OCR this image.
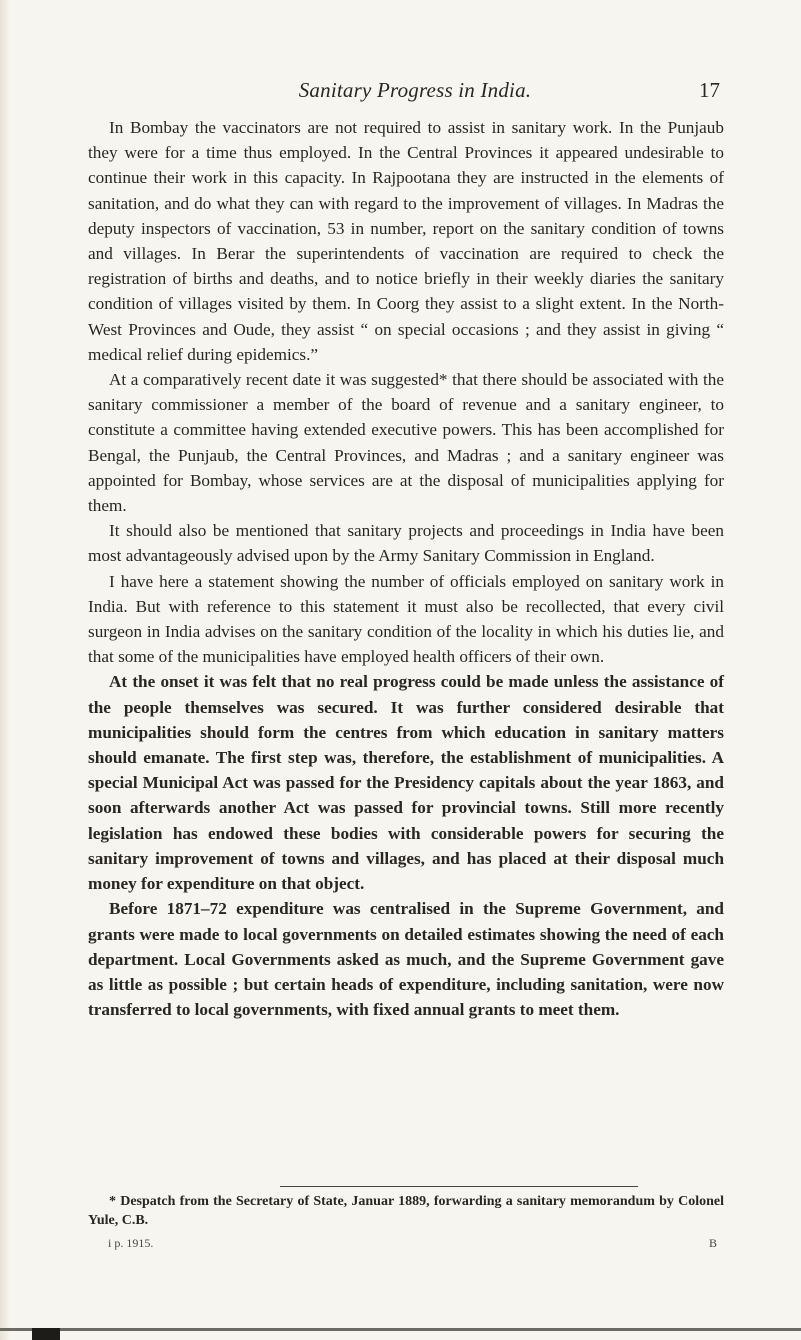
Sanitary Progress in India.	17

In Bombay the vaccinators are not required to assist in sanitary work. In the Punjaub they were for a time thus employed. In the Central Provinces it appeared undesirable to continue their work in this capacity. In Rajpootana they are instructed in the elements of sanitation, and do what they can with regard to the improvement of villages. In Madras the deputy inspectors of vaccination, 53 in number, report on the sanitary condition of towns and villages. In Berar the superintendents of vaccination are required to check the registration of births and deaths, and to notice briefly in their weekly diaries the sanitary condition of villages visited by them. In Coorg they assist to a slight extent. In the North-West Provinces and Oude, they assist “ on special occasions ; and they assist in giving “ medical relief during epidemics.”

At a comparatively recent date it was suggested* that there should be associated with the sanitary commissioner a member of the board of revenue and a sanitary engineer, to constitute a committee having extended executive powers. This has been accomplished for Bengal, the Punjaub, the Central Provinces, and Madras ; and a sanitary engineer was appointed for Bombay, whose services are at the disposal of municipalities applying for them.

It should also be mentioned that sanitary projects and proceedings in India have been most advantageously advised upon by the Army Sanitary Commission in England.

I have here a statement showing the number of officials employed on sanitary work in India. But with reference to this statement it must also be recollected, that every civil surgeon in India advises on the sanitary condition of the locality in which his duties lie, and that some of the municipalities have employed health officers of their own.

At the onset it was felt that no real progress could be made unless the assistance of the people themselves was secured. It was further considered desirable that municipalities should form the centres from which education in sanitary matters should emanate. The first step was, therefore, the establishment of municipalities. A special Municipal Act was passed for the Presidency capitals about the year 1863, and soon afterwards another Act was passed for provincial towns. Still more recently legislation has endowed these bodies with considerable powers for securing the sanitary improvement of towns and villages, and has placed at their disposal much money for expenditure on that object.

Before 1871–72 expenditure was centralised in the Supreme Government, and grants were made to local governments on detailed estimates showing the need of each department. Local Governments asked as much, and the Supreme Government gave as little as possible ; but certain heads of expenditure, including sanitation, were now transferred to local governments, with fixed annual grants to meet them.

* Despatch from the Secretary of State, Januar 1889, forwarding a sanitary memorandum by Colonel Yule, C.B.

i p. 1915.	B
